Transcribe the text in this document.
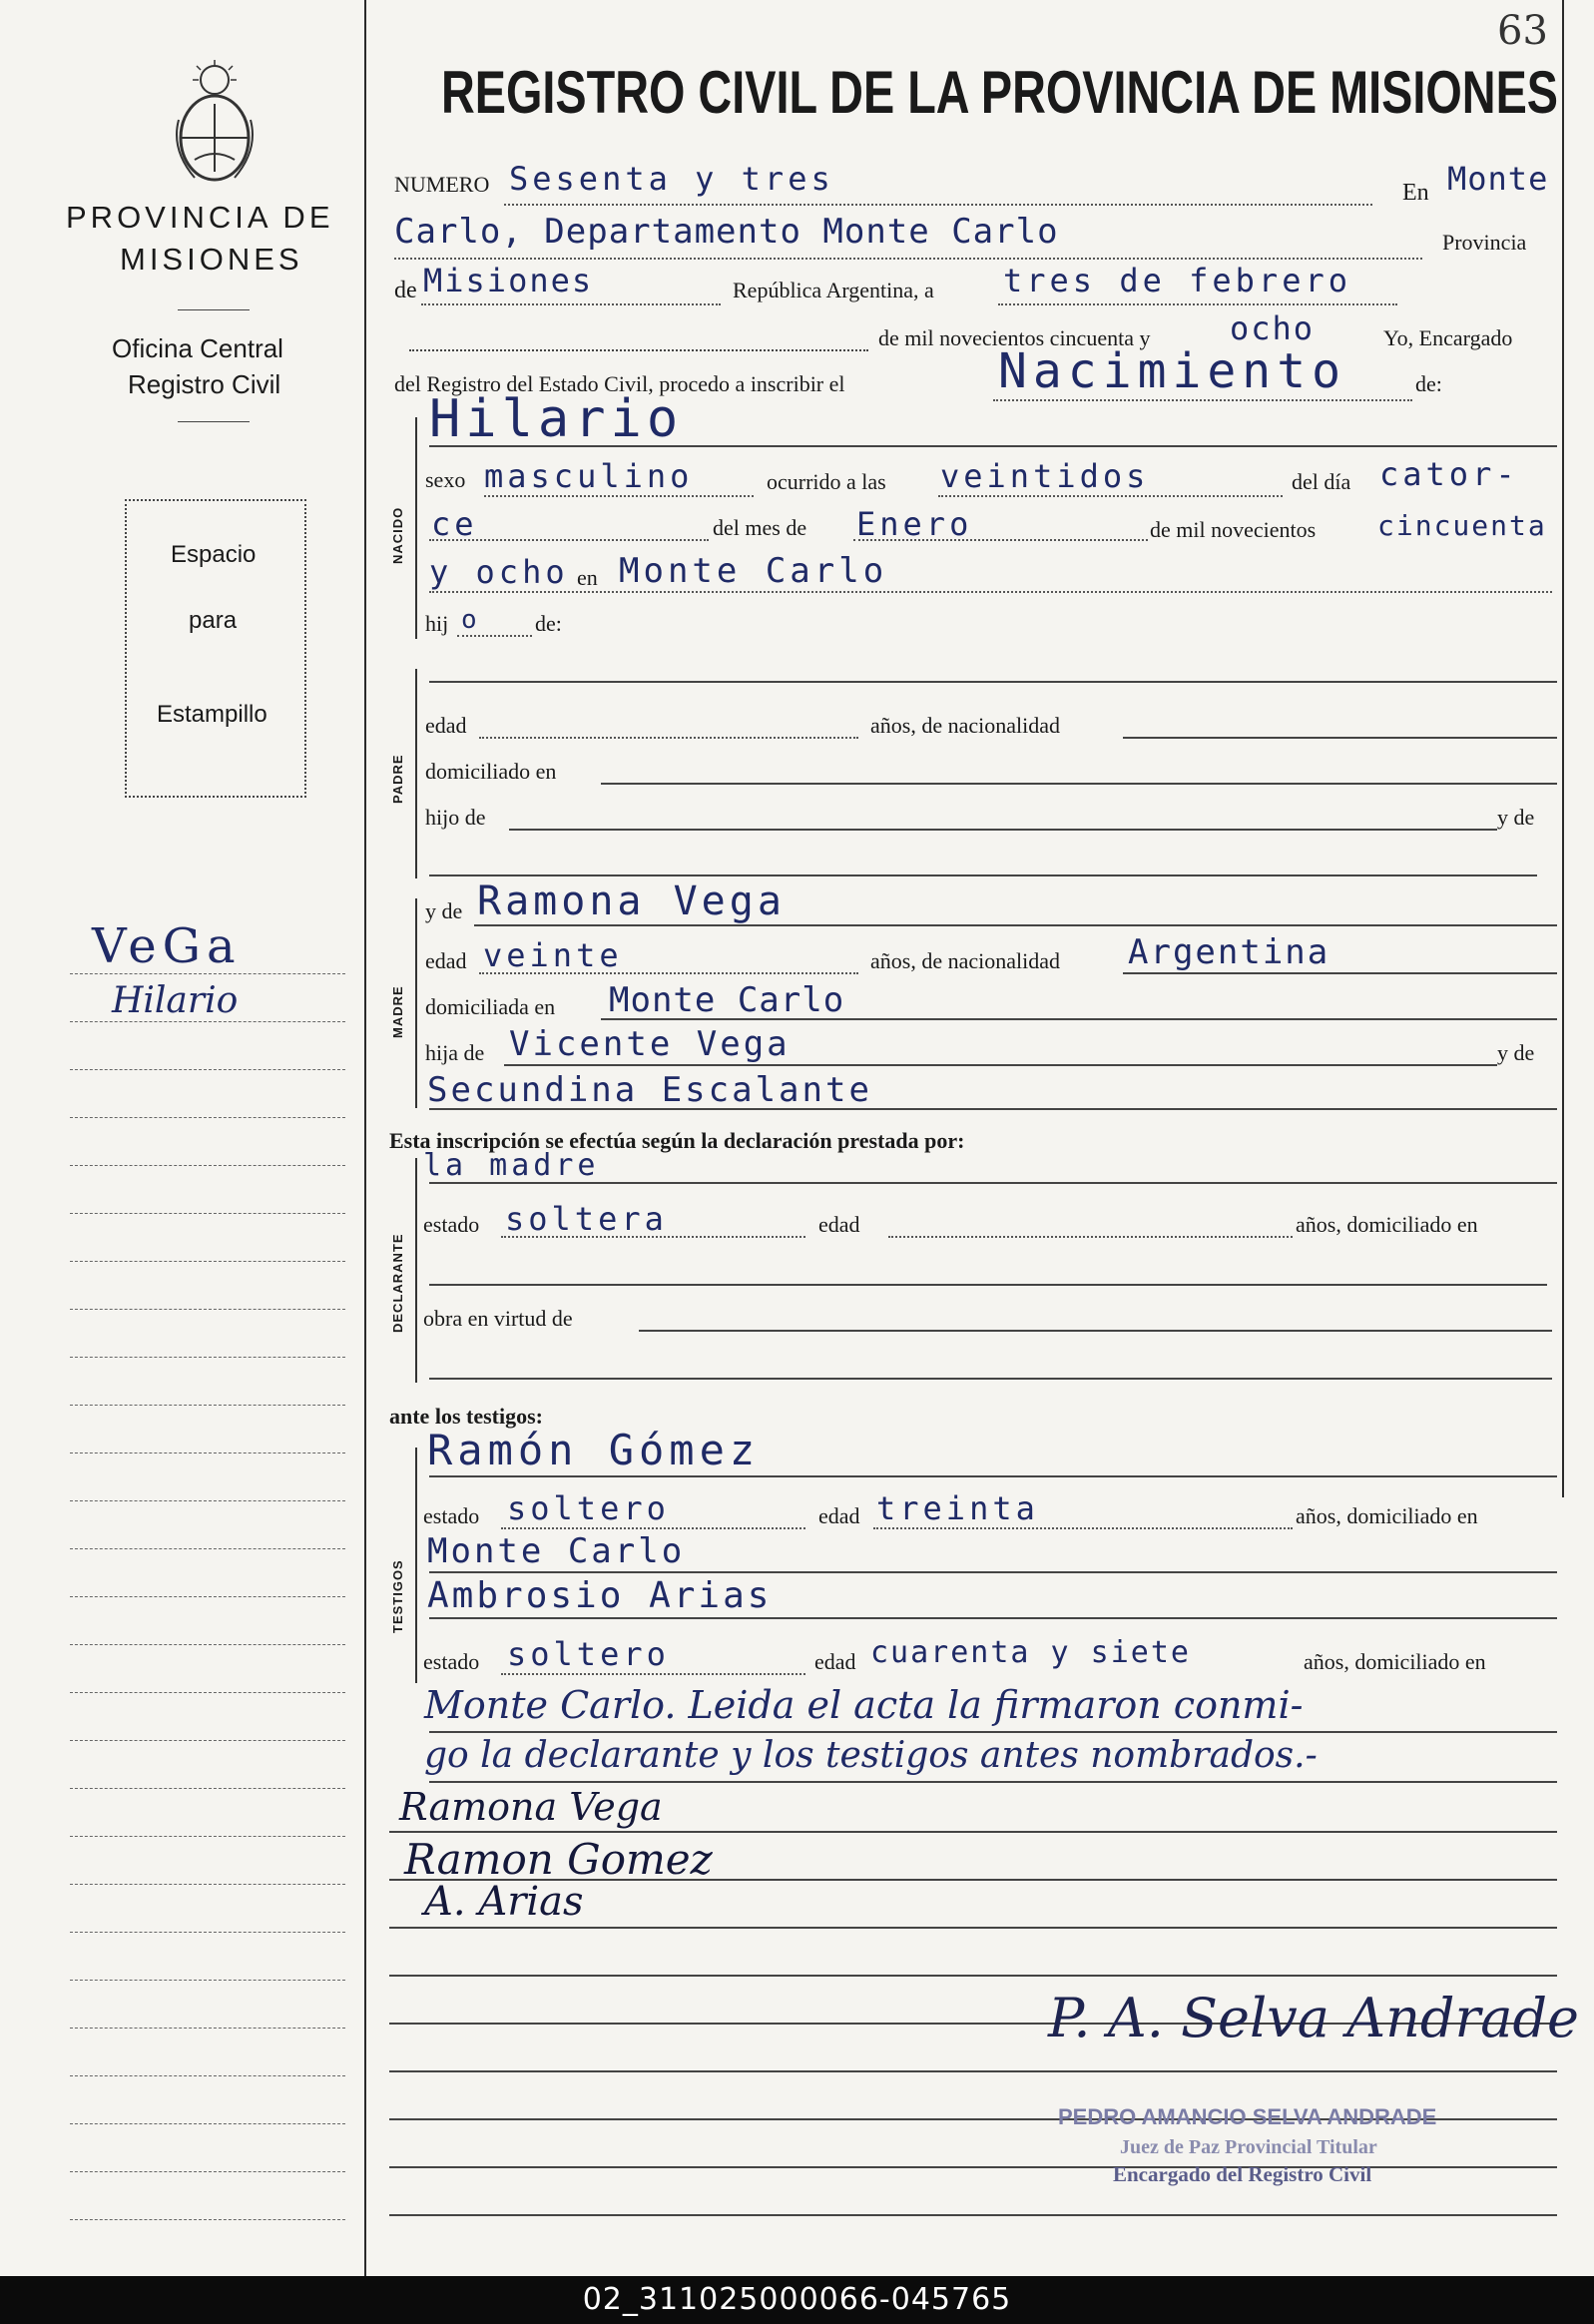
63
PROVINCIA DE
MISIONES
Oficina Central
Registro Civil
Espacio
para
Estampillo
VeGa
Hilario
REGISTRO CIVIL DE LA PROVINCIA DE MISIONES
NUMERO Sesenta y tres	En Monte
Carlo, Departamento Monte Carlo	Provincia
de Misiones	República Argentina, a tres de febrero
de mil novecientos cincuenta y ocho	Yo, Encargado
del Registro del Estado Civil, procedo a inscribir el	Nacimiento	de:
NACIDO
Hilario
sexo masculino	ocurrido a las veintidos	del día cator-
ce	del mes de Enero	de mil novecientos cincuenta
y ocho en Monte Carlo
hij o de:
PADRE
edad	años, de nacionalidad
domiciliado en
hijo de	y de
MADRE
y de Ramona Vega
edad veinte	años, de nacionalidad Argentina
domiciliada en Monte Carlo
hija de Vicente Vega	y de
Secundina Escalante
Esta inscripción se efectúa según la declaración prestada por:
DECLARANTE
la madre
estado soltera	edad	años, domiciliado en
obra en virtud de
ante los testigos:
TESTIGOS
Ramón Gómez
estado soltero	edad treinta	años, domiciliado en
Monte Carlo
Ambrosio Arias
estado soltero	edad cuarenta y siete	años, domiciliado en
Monte Carlo. Leida el acta la firmaron conmi-
go la declarante y los testigos antes nombrados.-
Ramona Vega
Ramon Gomez
A. Arias
P. A. Selva Andrade
PEDRO AMANCIO SELVA ANDRADE
Juez de Paz Provincial Titular
Encargado del Registro Civil
02_311025000066-045765
